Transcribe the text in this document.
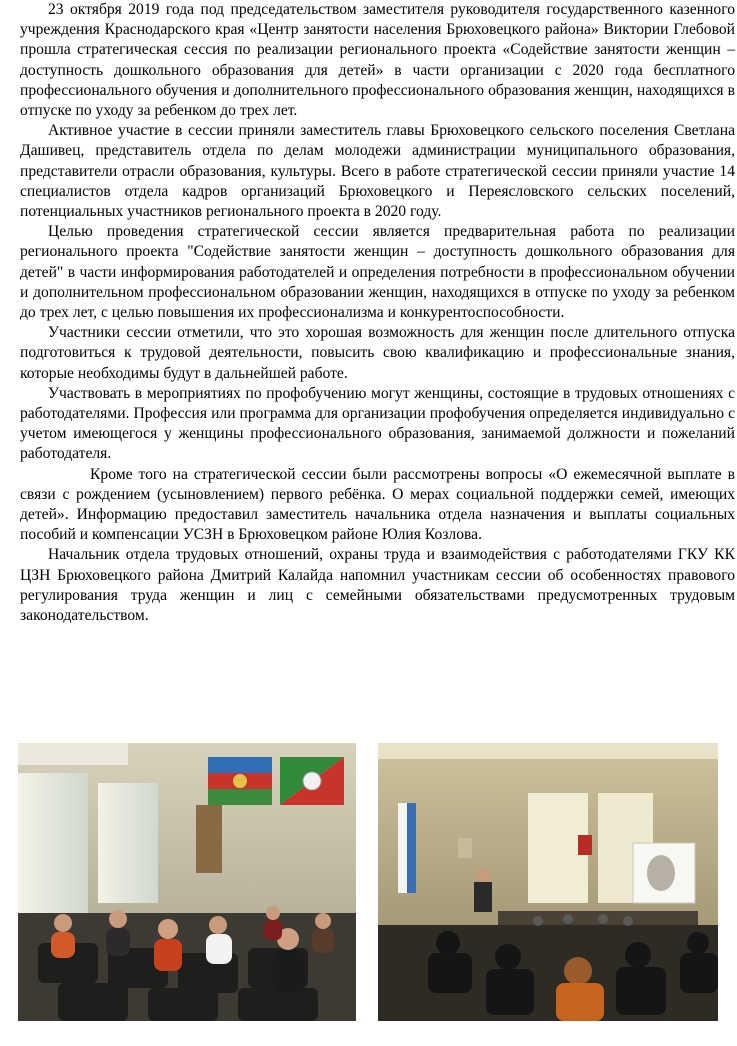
23 октября 2019 года под председательством заместителя руководителя государственного казенного учреждения Краснодарского края «Центр занятости населения Брюховецкого района» Виктории Глебовой прошла стратегическая сессия по реализации регионального проекта «Содействие занятости женщин – доступность дошкольного образования для детей» в части организации с 2020 года бесплатного профессионального обучения и дополнительного профессионального образования женщин, находящихся в отпуске по уходу за ребенком до трех лет.

Активное участие в сессии приняли заместитель главы Брюховецкого сельского поселения Светлана Дашивец, представитель отдела по делам молодежи администрации муниципального образования, представители отрасли образования, культуры. Всего в работе стратегической сессии приняли участие 14 специалистов отдела кадров организаций Брюховецкого и Переясловского сельских поселений, потенциальных участников регионального проекта в 2020 году.

Целью проведения стратегической сессии является предварительная работа по реализации регионального проекта "Содействие занятости женщин – доступность дошкольного образования для детей" в части информирования работодателей и определения потребности в профессиональном обучении и дополнительном профессиональном образовании женщин, находящихся в отпуске по уходу за ребенком до трех лет, с целью повышения их профессионализма и конкурентоспособности.

Участники сессии отметили, что это хорошая возможность для женщин после длительного отпуска подготовиться к трудовой деятельности, повысить свою квалификацию и профессиональные знания, которые необходимы будут в дальнейшей работе.

Участвовать в мероприятиях по профобучению могут женщины, состоящие в трудовых отношениях с работодателями. Профессия или программа для организации профобучения определяется индивидуально с учетом имеющегося у женщины профессионального образования, занимаемой должности и пожеланий работодателя.

Кроме того на стратегической сессии были рассмотрены вопросы «О ежемесячной выплате в связи с рождением (усыновлением) первого ребёнка. О мерах социальной поддержки семей, имеющих детей». Информацию предоставил заместитель начальника отдела назначения и выплаты социальных пособий и компенсации УСЗН в Брюховецком районе Юлия Козлова.

Начальник отдела трудовых отношений, охраны труда и взаимодействия с работодателями ГКУ КК ЦЗН Брюховецкого района Дмитрий Калайда напомнил участникам сессии об особенностях правового регулирования труда женщин и лиц с семейными обязательствами предусмотренных трудовым законодательством.
